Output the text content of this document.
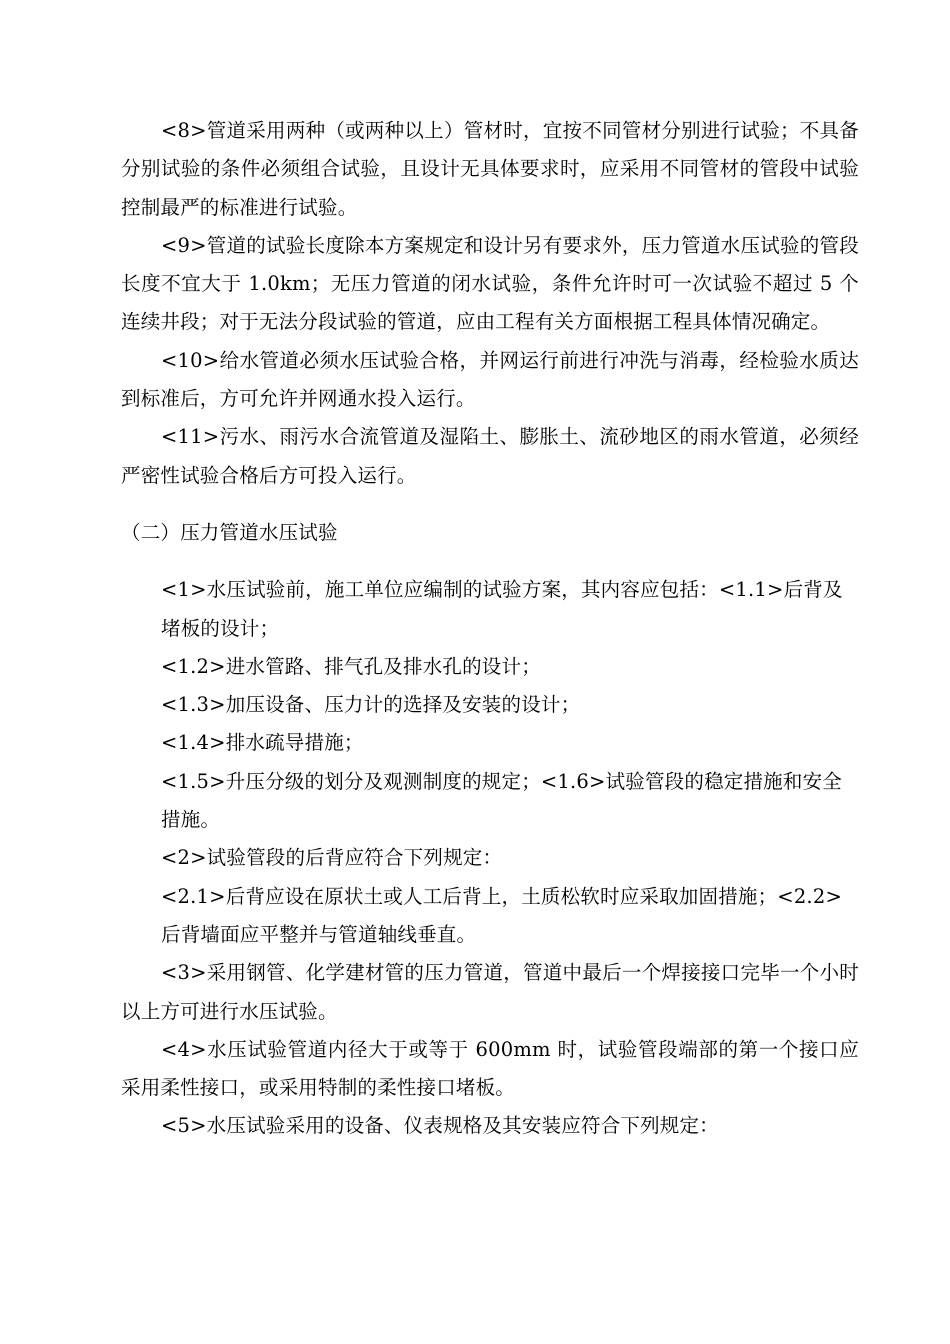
<8>管道采用两种（或两种以上）管材时，宜按不同管材分别进行试验；不具备分别试验的条件必须组合试验，且设计无具体要求时，应采用不同管材的管段中试验控制最严的标准进行试验。

<9>管道的试验长度除本方案规定和设计另有要求外，压力管道水压试验的管段长度不宜大于 1.0km；无压力管道的闭水试验，条件允许时可一次试验不超过 5 个连续井段；对于无法分段试验的管道，应由工程有关方面根据工程具体情况确定。

<10>给水管道必须水压试验合格，并网运行前进行冲洗与消毒，经检验水质达到标准后，方可允许并网通水投入运行。

<11>污水、雨污水合流管道及湿陷土、膨胀土、流砂地区的雨水管道，必须经严密性试验合格后方可投入运行。

（二）压力管道水压试验

<1>水压试验前，施工单位应编制的试验方案，其内容应包括：<1.1>后背及堵板的设计；

<1.2>进水管路、排气孔及排水孔的设计；

<1.3>加压设备、压力计的选择及安装的设计；

<1.4>排水疏导措施；

<1.5>升压分级的划分及观测制度的规定；<1.6>试验管段的稳定措施和安全措施。

<2>试验管段的后背应符合下列规定：

<2.1>后背应设在原状土或人工后背上，土质松软时应采取加固措施；<2.2>后背墙面应平整并与管道轴线垂直。

<3>采用钢管、化学建材管的压力管道，管道中最后一个焊接接口完毕一个小时以上方可进行水压试验。

<4>水压试验管道内径大于或等于 600mm 时，试验管段端部的第一个接口应采用柔性接口，或采用特制的柔性接口堵板。

<5>水压试验采用的设备、仪表规格及其安装应符合下列规定：
